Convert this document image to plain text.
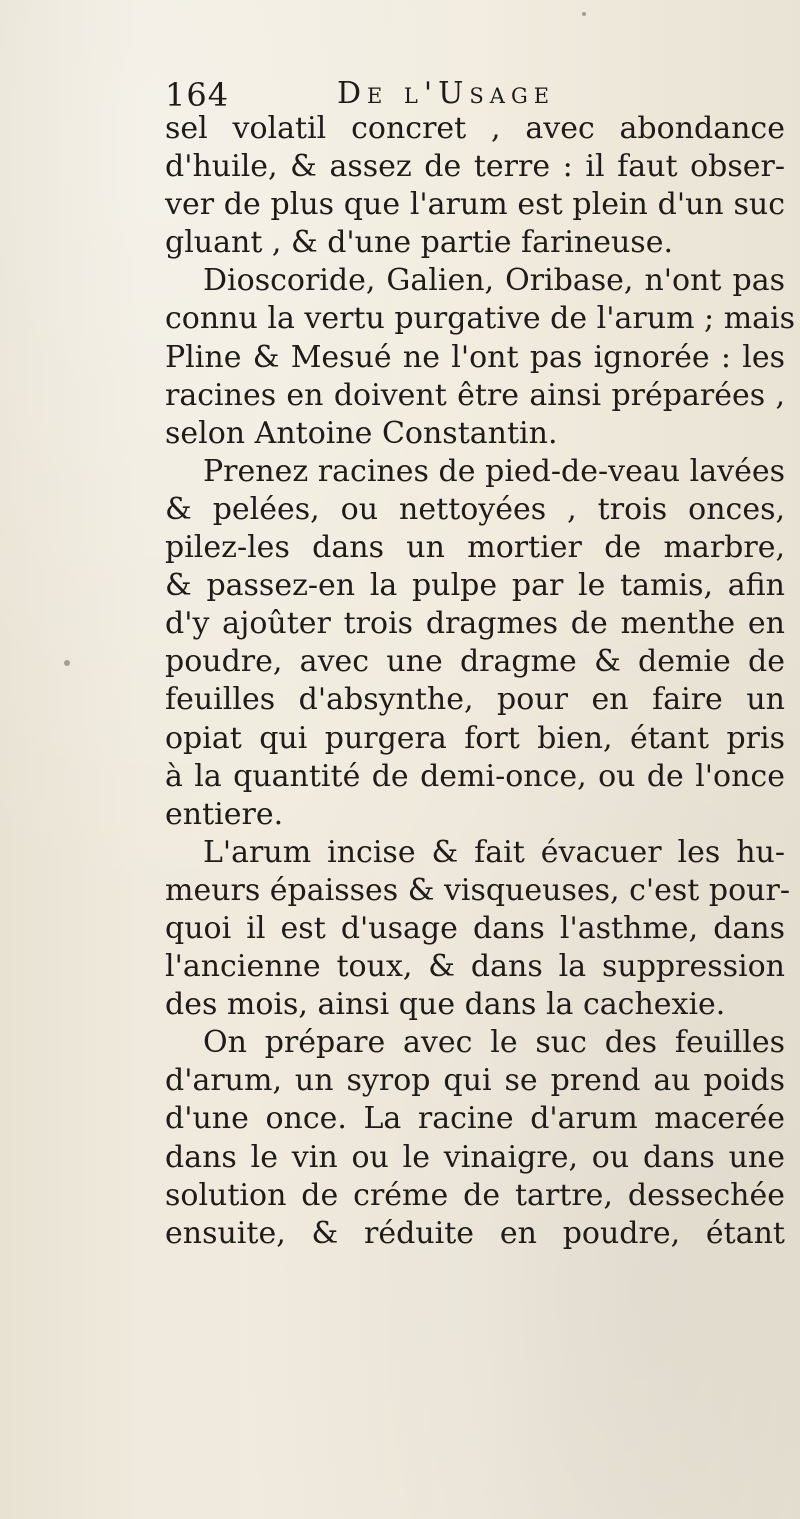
164	De l'Usage
sel volatil concret , avec abondance
d'huile, & assez de terre : il faut obser-
ver de plus que l'arum est plein d'un suc
gluant , & d'une partie farineuse.
Dioscoride, Galien, Oribase, n'ont pas
connu la vertu purgative de l'arum ; mais
Pline & Mesué ne l'ont pas ignorée : les
racines en doivent être ainsi préparées ,
selon Antoine Constantin.
Prenez racines de pied-de-veau lavées
& pelées, ou nettoyées , trois onces,
pilez-les dans un mortier de marbre,
& passez-en la pulpe par le tamis, afin
d'y ajoûter trois dragmes de menthe en
poudre, avec une dragme & demie de
feuilles d'absynthe, pour en faire un
opiat qui purgera fort bien, étant pris
à la quantité de demi-once, ou de l'once
entiere.
L'arum incise & fait évacuer les hu-
meurs épaisses & visqueuses, c'est pour-
quoi il est d'usage dans l'asthme, dans
l'ancienne toux, & dans la suppression
des mois, ainsi que dans la cachexie.
On prépare avec le suc des feuilles
d'arum, un syrop qui se prend au poids
d'une once. La racine d'arum macerée
dans le vin ou le vinaigre, ou dans une
solution de créme de tartre, dessechée
ensuite, & réduite en poudre, étant
